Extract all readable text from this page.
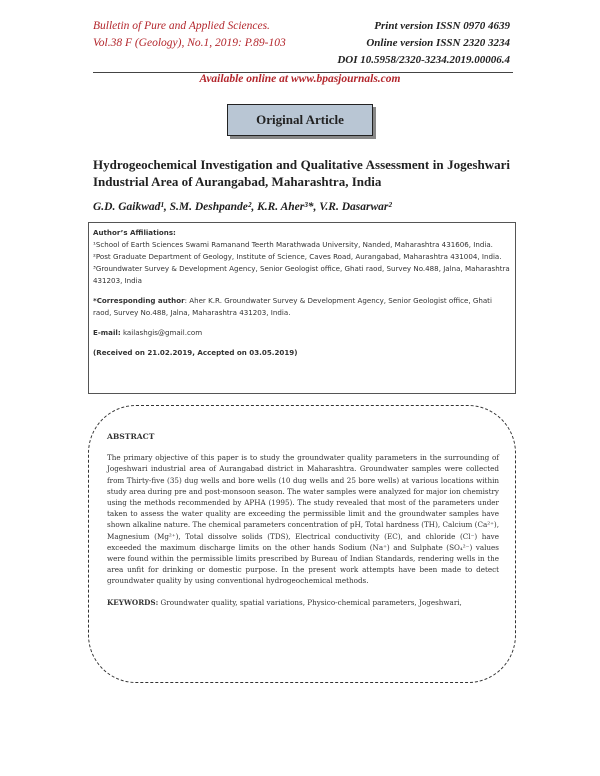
Bulletin of Pure and Applied Sciences.
Vol.38 F (Geology), No.1, 2019: P.89-103
Print version ISSN 0970 4639
Online version ISSN 2320 3234
DOI 10.5958/2320-3234.2019.00006.4
Available online at www.bpasjournals.com
Original Article
Hydrogeochemical Investigation and Qualitative Assessment in Jogeshwari Industrial Area of Aurangabad, Maharashtra, India
G.D. Gaikwad¹, S.M. Deshpande², K.R. Aher³*, V.R. Dasarwar²

Author’s Affiliations:

¹School of Earth Sciences Swami Ramanand Teerth Marathwada University, Nanded, Maharashtra 431606, India.

²Post Graduate Department of Geology, Institute of Science, Caves Road, Aurangabad, Maharashtra 431004, India.

³Groundwater Survey & Development Agency, Senior Geologist office, Ghati raod, Survey No.488, Jalna, Maharashtra 431203, India

*Corresponding author: Aher K.R. Groundwater Survey & Development Agency, Senior Geologist office, Ghati raod, Survey No.488, Jalna, Maharashtra 431203, India.

E-mail: kailashgis@gmail.com

(Received on 21.02.2019, Accepted on 03.05.2019)

ABSTRACT

The primary objective of this paper is to study the groundwater quality parameters in the surrounding of Jogeshwari industrial area of Aurangabad district in Maharashtra. Groundwater samples were collected from Thirty-five (35) dug wells and bore wells (10 dug wells and 25 bore wells) at various locations within study area during pre and post-monsoon season. The water samples were analyzed for major ion chemistry using the methods recommended by APHA (1995). The study revealed that most of the parameters under taken to assess the water quality are exceeding the permissible limit and the groundwater samples have shown alkaline nature. The chemical parameters concentration of pH, Total hardness (TH), Calcium (Ca²⁺), Magnesium (Mg²⁺), Total dissolve solids (TDS), Electrical conductivity (EC), and chloride (Cl⁻) have exceeded the maximum discharge limits on the other hands Sodium (Na⁺) and Sulphate (SO₄²⁻) values were found within the permissible limits prescribed by Bureau of Indian Standards, rendering wells in the area unfit for drinking or domestic purpose. In the present work attempts have been made to detect groundwater quality by using conventional hydrogeochemical methods.

KEYWORDS: Groundwater quality, spatial variations, Physico-chemical parameters, Jogeshwari,
